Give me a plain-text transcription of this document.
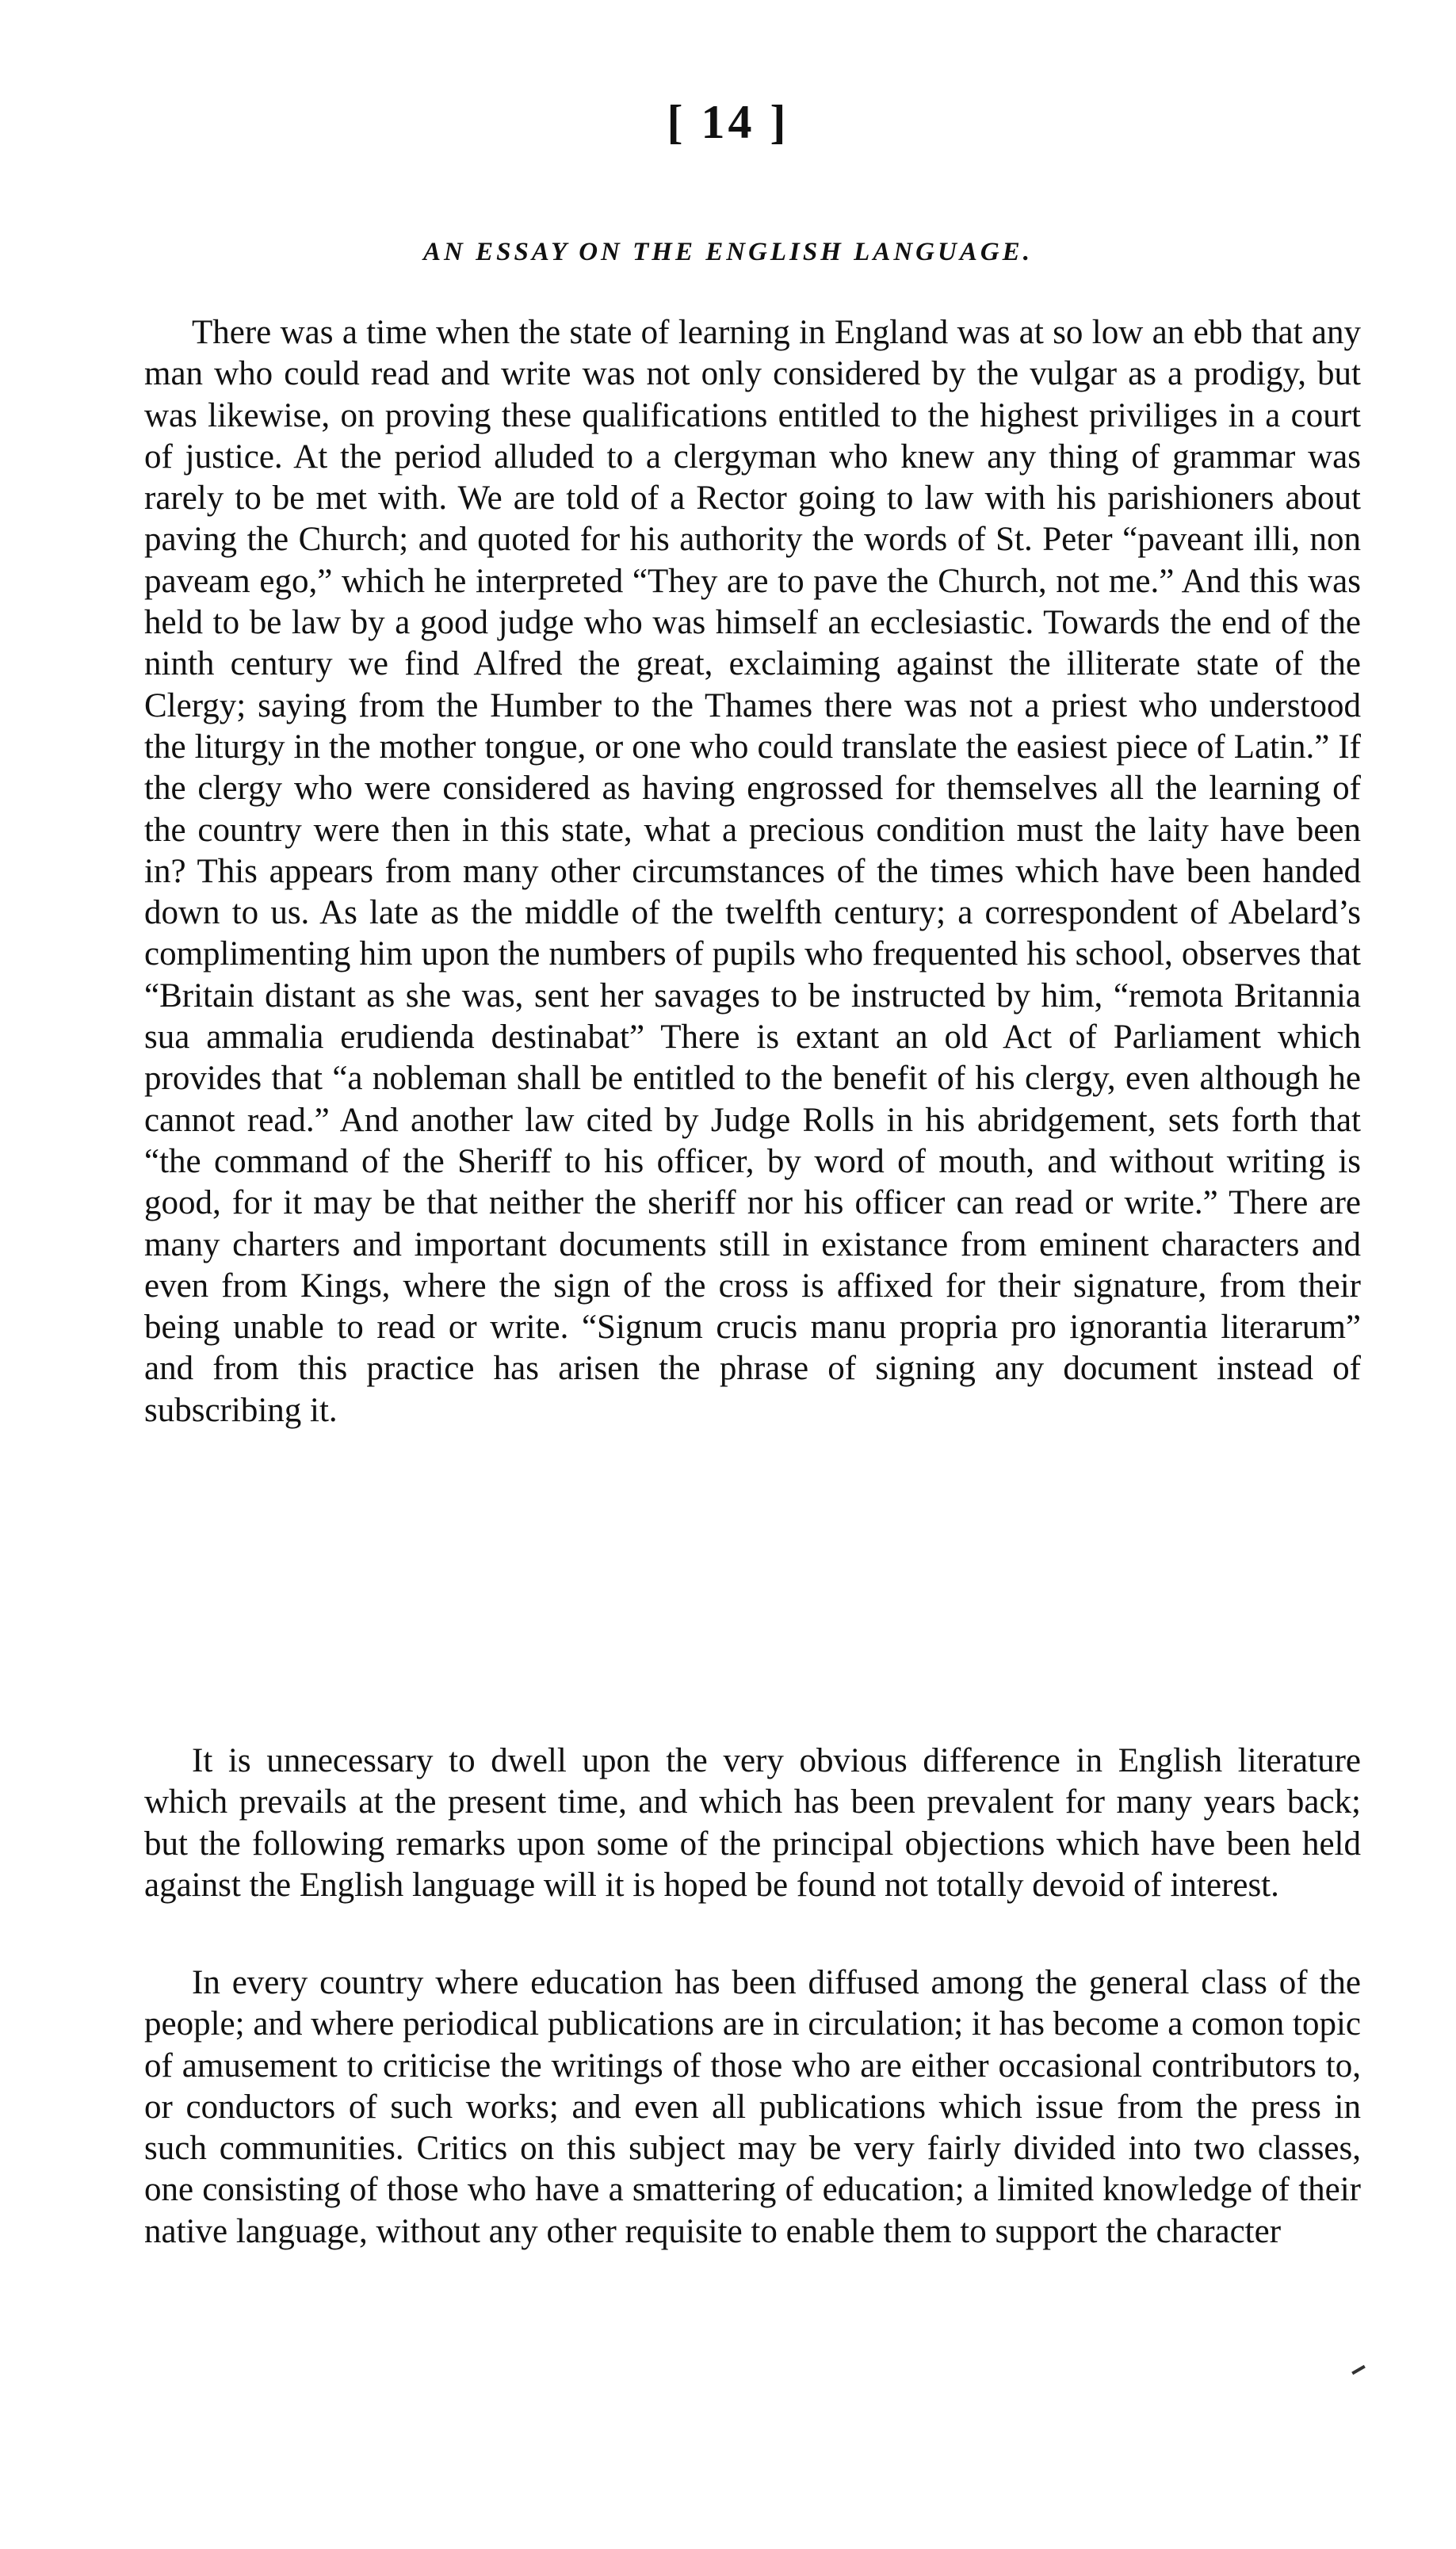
[ 14 ]
AN ESSAY ON THE ENGLISH LANGUAGE.

There was a time when the state of learning in England was at so low an ebb that any man who could read and write was not only considered by the vulgar as a prodigy, but was likewise, on proving these qualifications entitled to the highest priviliges in a court of justice. At the period alluded to a clergyman who knew any thing of grammar was rarely to be met with. We are told of a Rector going to law with his parishioners about paving the Church; and quoted for his authority the words of St. Peter “paveant illi, non paveam ego,” which he interpreted “They are to pave the Church, not me.” And this was held to be law by a good judge who was himself an ecclesiastic. Towards the end of the ninth century we find Alfred the great, exclaiming against the illiterate state of the Clergy; saying from the Humber to the Thames there was not a priest who understood the liturgy in the mother tongue, or one who could translate the easiest piece of Latin.” If the clergy who were considered as having engrossed for themselves all the learning of the country were then in this state, what a precious condition must the laity have been in? This appears from many other circumstances of the times which have been handed down to us. As late as the middle of the twelfth century; a correspondent of Abelard’s complimenting him upon the numbers of pupils who frequented his school, observes that “Britain distant as she was, sent her savages to be instructed by him, “remota Britannia sua ammalia erudienda destinabat” There is extant an old Act of Parliament which provides that “a nobleman shall be entitled to the benefit of his clergy, even although he cannot read.” And another law cited by Judge Rolls in his abridgement, sets forth that “the command of the Sheriff to his officer, by word of mouth, and without writing is good, for it may be that neither the sheriff nor his officer can read or write.” There are many charters and important documents still in existance from eminent characters and even from Kings, where the sign of the cross is affixed for their signature, from their being unable to read or write. “Signum crucis manu propria pro ignorantia literarum” and from this practice has arisen the phrase of signing any document instead of subscribing it.

It is unnecessary to dwell upon the very obvious difference in English literature which prevails at the present time, and which has been prevalent for many years back; but the following remarks upon some of the principal objections which have been held against the English language will it is hoped be found not totally devoid of interest.

In every country where education has been diffused among the general class of the people; and where periodical publications are in circulation; it has become a comon topic of amusement to criticise the writings of those who are either occasional contributors to, or conductors of such works; and even all publications which issue from the press in such communities. Critics on this subject may be very fairly divided into two classes, one consisting of those who have a smattering of education; a limited knowledge of their native language, without any other requisite to enable them to support the character
